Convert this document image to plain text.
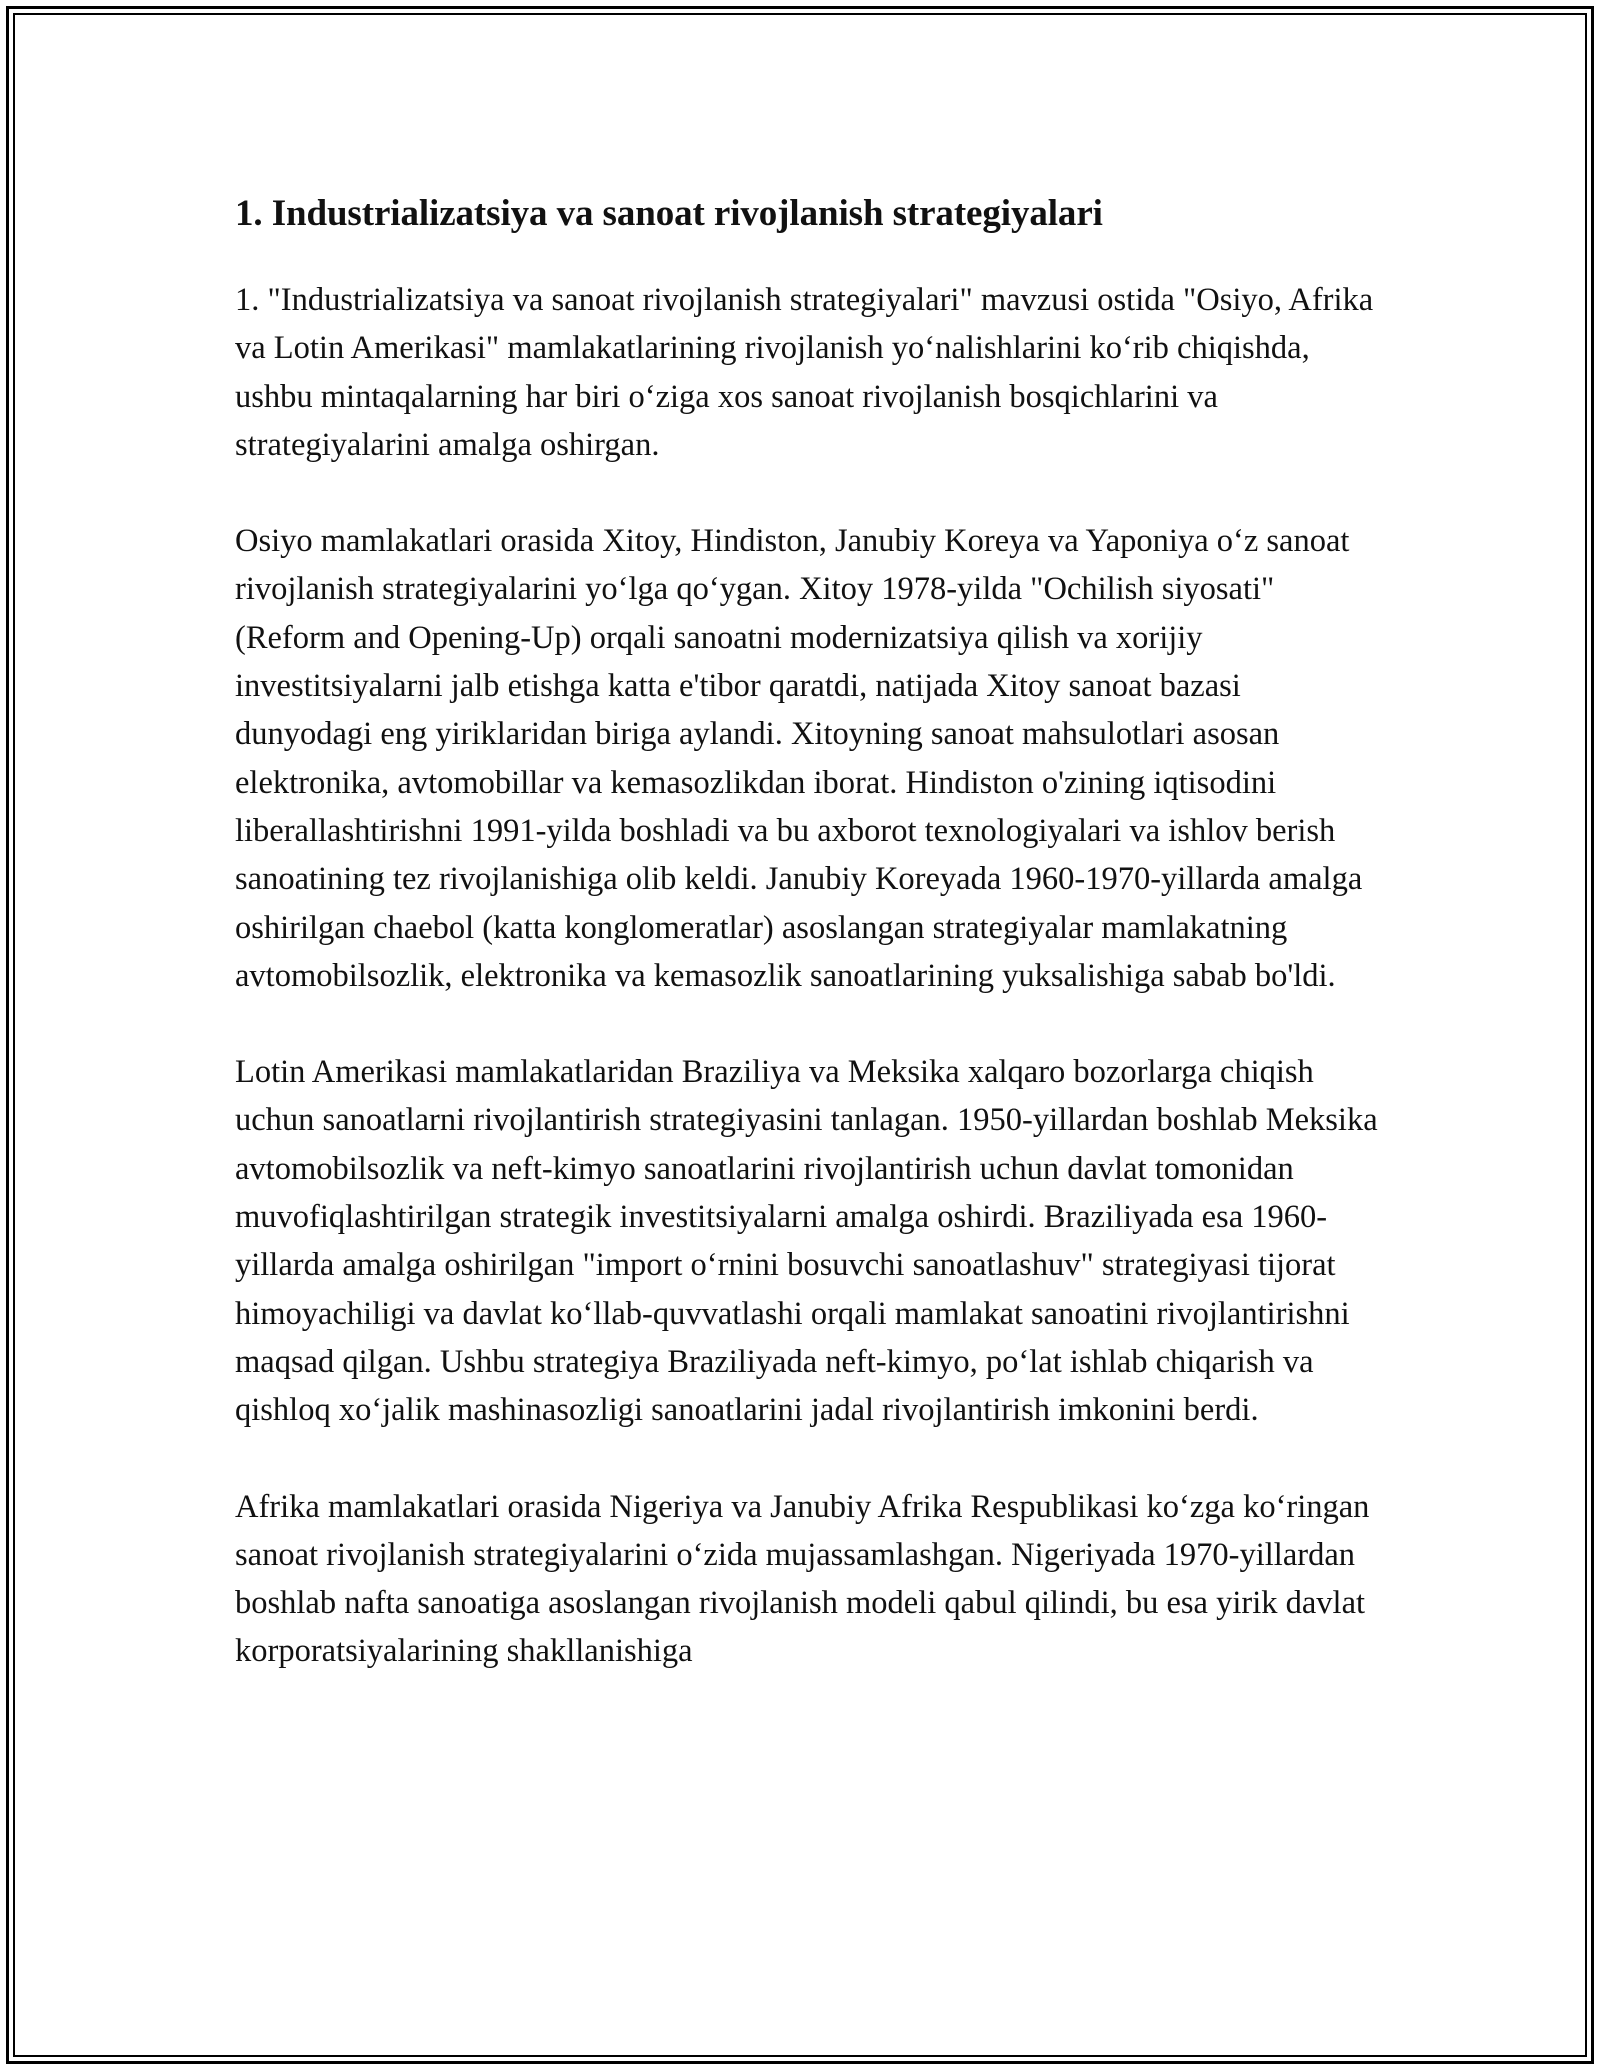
1. Industrializatsiya va sanoat rivojlanish strategiyalari

1. "Industrializatsiya va sanoat rivojlanish strategiyalari" mavzusi ostida "Osiyo, Afrika va Lotin Amerikasi" mamlakatlarining rivojlanish yo‘nalishlarini ko‘rib chiqishda, ushbu mintaqalarning har biri o‘ziga xos sanoat rivojlanish bosqichlarini va strategiyalarini amalga oshirgan.

Osiyo mamlakatlari orasida Xitoy, Hindiston, Janubiy Koreya va Yaponiya o‘z sanoat rivojlanish strategiyalarini yo‘lga qo‘ygan. Xitoy 1978-yilda "Ochilish siyosati" (Reform and Opening-Up) orqali sanoatni modernizatsiya qilish va xorijiy investitsiyalarni jalb etishga katta e'tibor qaratdi, natijada Xitoy sanoat bazasi dunyodagi eng yiriklaridan biriga aylandi. Xitoyning sanoat mahsulotlari asosan elektronika, avtomobillar va kemasozlikdan iborat. Hindiston o'zining iqtisodini liberallashtirishni 1991-yilda boshladi va bu axborot texnologiyalari va ishlov berish sanoatining tez rivojlanishiga olib keldi. Janubiy Koreyada 1960-1970-yillarda amalga oshirilgan chaebol (katta konglomeratlar) asoslangan strategiyalar mamlakatning avtomobilsozlik, elektronika va kemasozlik sanoatlarining yuksalishiga sabab bo'ldi.

Lotin Amerikasi mamlakatlaridan Braziliya va Meksika xalqaro bozorlarga chiqish uchun sanoatlarni rivojlantirish strategiyasini tanlagan. 1950-yillardan boshlab Meksika avtomobilsozlik va neft-kimyo sanoatlarini rivojlantirish uchun davlat tomonidan muvofiqlashtirilgan strategik investitsiyalarni amalga oshirdi. Braziliyada esa 1960-yillarda amalga oshirilgan "import o‘rnini bosuvchi sanoatlashuv" strategiyasi tijorat himoyachiligi va davlat ko‘llab-quvvatlashi orqali mamlakat sanoatini rivojlantirishni maqsad qilgan. Ushbu strategiya Braziliyada neft-kimyo, po‘lat ishlab chiqarish va qishloq xo‘jalik mashinasozligi sanoatlarini jadal rivojlantirish imkonini berdi.

Afrika mamlakatlari orasida Nigeriya va Janubiy Afrika Respublikasi ko‘zga ko‘ringan sanoat rivojlanish strategiyalarini o‘zida mujassamlashgan. Nigeriyada 1970-yillardan boshlab nafta sanoatiga asoslangan rivojlanish modeli qabul qilindi, bu esa yirik davlat korporatsiyalarining shakllanishiga
